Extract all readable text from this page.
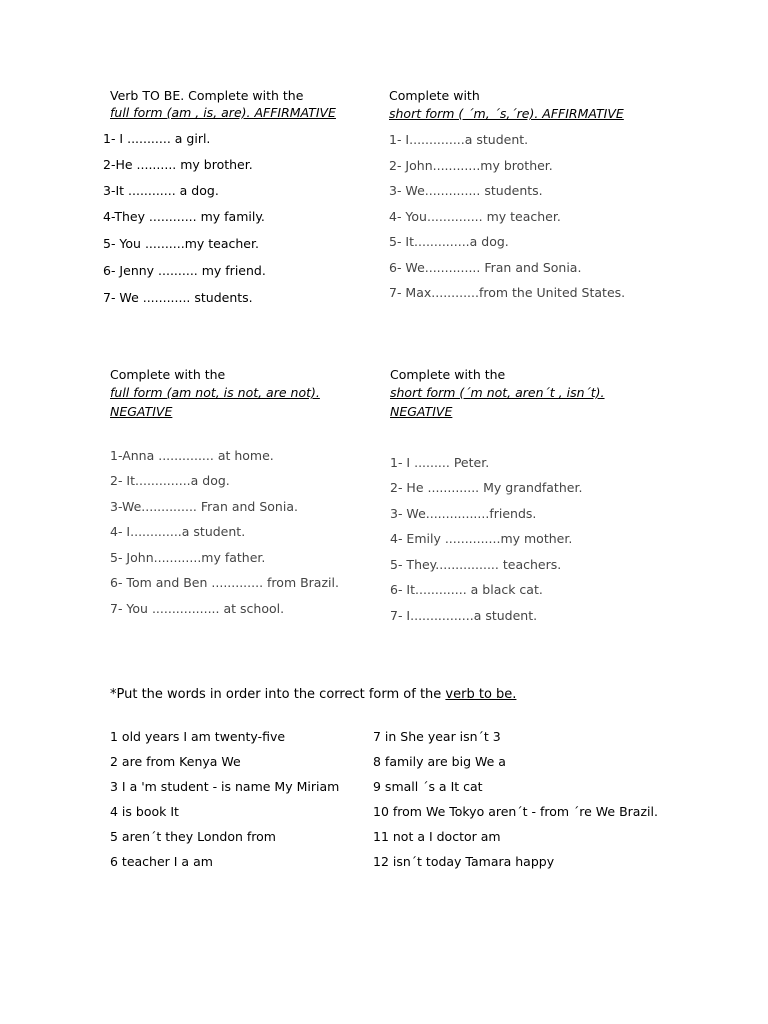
Verb TO BE. Complete with the
full form (am , is, are). AFFIRMATIVE
1- I ........... a girl.
2-He .......... my brother.
3-It ............ a dog.
4-They ............ my family.
5- You ..........my teacher.
6- Jenny .......... my friend.
7- We ............ students.
Complete with
short form ( ´m, ´s,´re). AFFIRMATIVE
1- I..............a student.
2- John............my brother.
3- We.............. students.
4- You.............. my teacher.
5- It..............a dog.
6- We.............. Fran and Sonia.
7- Max............from the United States.
Complete with the
full form (am not, is not, are not).
NEGATIVE
1-Anna .............. at home.
2- It..............a dog.
3-We.............. Fran and Sonia.
4- I.............a student.
5- John............my father.
6- Tom and Ben ............. from Brazil.
7- You ................. at school.
Complete with the
short form (´m not, aren´t , isn´t).
NEGATIVE
1- I ......... Peter.
2- He ............. My grandfather.
3- We................friends.
4- Emily ..............my mother.
5- They................ teachers.
6- It............. a black cat.
7- I................a student.
*Put the words in order into the correct form of the verb to be.
1 old years I am twenty-five
2 are from Kenya We
3 I a 'm student - is name My Miriam
4 is book It
5 aren´t they London from
6 teacher I a am
7 in She year isn´t 3
8 family are big We a
9 small ´s a It cat
10 from We Tokyo aren´t - from ´re We Brazil.
11 not a I doctor am
12 isn´t today Tamara happy
